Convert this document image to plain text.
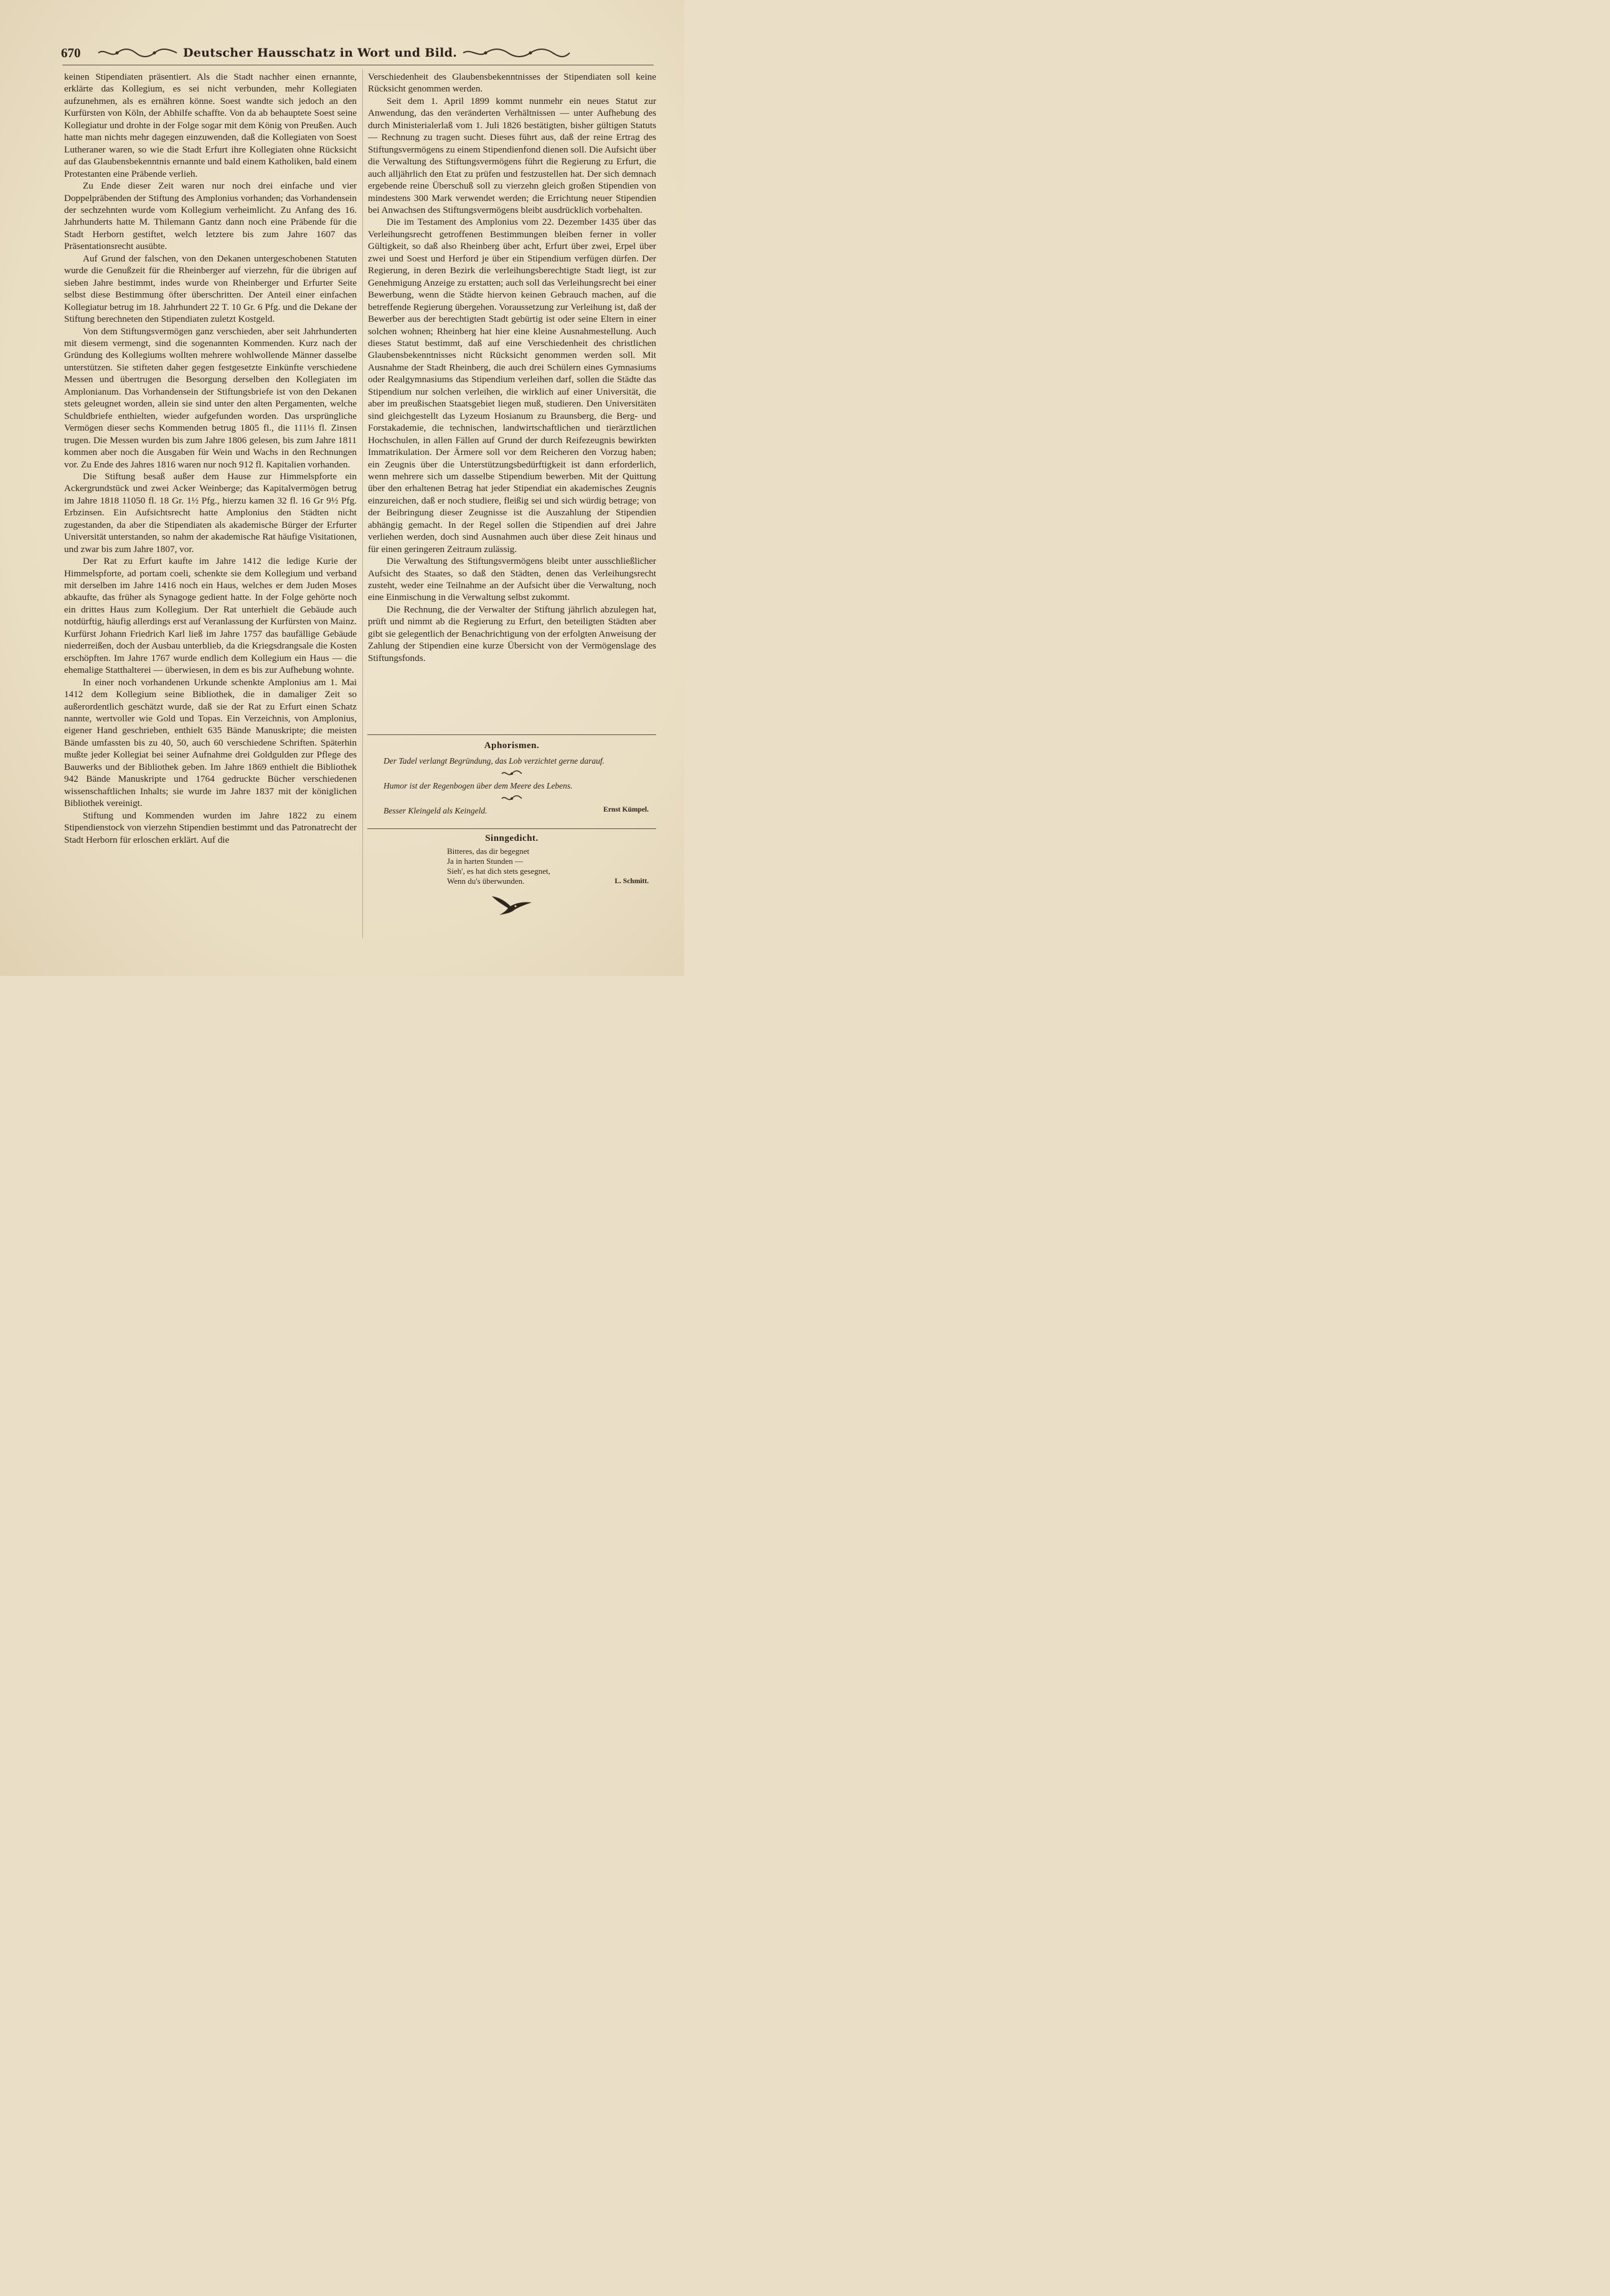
670	Deutscher Hausschatz in Wort und Bild.

keinen Stipendiaten präsentiert. Als die Stadt nachher einen ernannte, erklärte das Kollegium, es sei nicht verbunden, mehr Kollegiaten aufzunehmen, als es ernähren könne. Soest wandte sich jedoch an den Kurfürsten von Köln, der Abhilfe schaffte. Von da ab behauptete Soest seine Kollegiatur und drohte in der Folge sogar mit dem König von Preußen. Auch hatte man nichts mehr dagegen einzuwenden, daß die Kollegiaten von Soest Lutheraner waren, so wie die Stadt Erfurt ihre Kollegiaten ohne Rücksicht auf das Glaubensbekenntnis ernannte und bald einem Katholiken, bald einem Protestanten eine Präbende verlieh.

Zu Ende dieser Zeit waren nur noch drei einfache und vier Doppelpräbenden der Stiftung des Amplonius vorhanden; das Vorhandensein der sechzehnten wurde vom Kollegium verheimlicht. Zu Anfang des 16. Jahrhunderts hatte M. Thilemann Gantz dann noch eine Präbende für die Stadt Herborn gestiftet, welch letztere bis zum Jahre 1607 das Präsentationsrecht ausübte.

Auf Grund der falschen, von den Dekanen untergeschobenen Statuten wurde die Genußzeit für die Rheinberger auf vierzehn, für die übrigen auf sieben Jahre bestimmt, indes wurde von Rheinberger und Erfurter Seite selbst diese Bestimmung öfter überschritten. Der Anteil einer einfachen Kollegiatur betrug im 18. Jahrhundert 22 T. 10 Gr. 6 Pfg. und die Dekane der Stiftung berechneten den Stipendiaten zuletzt Kostgeld.

Von dem Stiftungsvermögen ganz verschieden, aber seit Jahrhunderten mit diesem vermengt, sind die sogenannten Kommenden. Kurz nach der Gründung des Kollegiums wollten mehrere wohlwollende Männer dasselbe unterstützen. Sie stifteten daher gegen festgesetzte Einkünfte verschiedene Messen und übertrugen die Besorgung derselben den Kollegiaten im Amplonianum. Das Vorhandensein der Stiftungsbriefe ist von den Dekanen stets geleugnet worden, allein sie sind unter den alten Pergamenten, welche Schuldbriefe enthielten, wieder aufgefunden worden. Das ursprüngliche Vermögen dieser sechs Kommenden betrug 1805 fl., die 111⅓ fl. Zinsen trugen. Die Messen wurden bis zum Jahre 1806 gelesen, bis zum Jahre 1811 kommen aber noch die Ausgaben für Wein und Wachs in den Rechnungen vor. Zu Ende des Jahres 1816 waren nur noch 912 fl. Kapitalien vorhanden.

Die Stiftung besaß außer dem Hause zur Himmelspforte ein Ackergrundstück und zwei Acker Weinberge; das Kapitalvermögen betrug im Jahre 1818 11050 fl. 18 Gr. 1½ Pfg., hierzu kamen 32 fl. 16 Gr 9½ Pfg. Erbzinsen. Ein Aufsichtsrecht hatte Amplonius den Städten nicht zugestanden, da aber die Stipendiaten als akademische Bürger der Erfurter Universität unterstanden, so nahm der akademische Rat häufige Visitationen, und zwar bis zum Jahre 1807, vor.

Der Rat zu Erfurt kaufte im Jahre 1412 die ledige Kurie der Himmelspforte, ad portam coeli, schenkte sie dem Kollegium und verband mit derselben im Jahre 1416 noch ein Haus, welches er dem Juden Moses abkaufte, das früher als Synagoge gedient hatte. In der Folge gehörte noch ein drittes Haus zum Kollegium. Der Rat unterhielt die Gebäude auch notdürftig, häufig allerdings erst auf Veranlassung der Kurfürsten von Mainz. Kurfürst Johann Friedrich Karl ließ im Jahre 1757 das baufällige Gebäude niederreißen, doch der Ausbau unterblieb, da die Kriegsdrangsale die Kosten erschöpften. Im Jahre 1767 wurde endlich dem Kollegium ein Haus — die ehemalige Statthalterei — überwiesen, in dem es bis zur Aufhebung wohnte.

In einer noch vorhandenen Urkunde schenkte Amplonius am 1. Mai 1412 dem Kollegium seine Bibliothek, die in damaliger Zeit so außerordentlich geschätzt wurde, daß sie der Rat zu Erfurt einen Schatz nannte, wertvoller wie Gold und Topas. Ein Verzeichnis, von Amplonius, eigener Hand geschrieben, enthielt 635 Bände Manuskripte; die meisten Bände umfassten bis zu 40, 50, auch 60 verschiedene Schriften. Späterhin mußte jeder Kollegiat bei seiner Aufnahme drei Goldgulden zur Pflege des Bauwerks und der Bibliothek geben. Im Jahre 1869 enthielt die Bibliothek 942 Bände Manuskripte und 1764 gedruckte Bücher verschiedenen wissenschaftlichen Inhalts; sie wurde im Jahre 1837 mit der königlichen Bibliothek vereinigt.

Stiftung und Kommenden wurden im Jahre 1822 zu einem Stipendienstock von vierzehn Stipendien bestimmt und das Patronatrecht der Stadt Herborn für erloschen erklärt. Auf die

Verschiedenheit des Glaubensbekenntnisses der Stipendiaten soll keine Rücksicht genommen werden.

Seit dem 1. April 1899 kommt nunmehr ein neues Statut zur Anwendung, das den veränderten Verhältnissen — unter Aufhebung des durch Ministerialerlaß vom 1. Juli 1826 bestätigten, bisher gültigen Statuts — Rechnung zu tragen sucht. Dieses führt aus, daß der reine Ertrag des Stiftungsvermögens zu einem Stipendienfond dienen soll. Die Aufsicht über die Verwaltung des Stiftungsvermögens führt die Regierung zu Erfurt, die auch alljährlich den Etat zu prüfen und festzustellen hat. Der sich demnach ergebende reine Überschuß soll zu vierzehn gleich großen Stipendien von mindestens 300 Mark verwendet werden; die Errichtung neuer Stipendien bei Anwachsen des Stiftungsvermögens bleibt ausdrücklich vorbehalten.

Die im Testament des Amplonius vom 22. Dezember 1435 über das Verleihungsrecht getroffenen Bestimmungen bleiben ferner in voller Gültigkeit, so daß also Rheinberg über acht, Erfurt über zwei, Erpel über zwei und Soest und Herford je über ein Stipendium verfügen dürfen. Der Regierung, in deren Bezirk die verleihungsberechtigte Stadt liegt, ist zur Genehmigung Anzeige zu erstatten; auch soll das Verleihungsrecht bei einer Bewerbung, wenn die Städte hiervon keinen Gebrauch machen, auf die betreffende Regierung übergehen. Voraussetzung zur Verleihung ist, daß der Bewerber aus der berechtigten Stadt gebürtig ist oder seine Eltern in einer solchen wohnen; Rheinberg hat hier eine kleine Ausnahmestellung. Auch dieses Statut bestimmt, daß auf eine Verschiedenheit des christlichen Glaubensbekenntnisses nicht Rücksicht genommen werden soll. Mit Ausnahme der Stadt Rheinberg, die auch drei Schülern eines Gymnasiums oder Realgymnasiums das Stipendium verleihen darf, sollen die Städte das Stipendium nur solchen verleihen, die wirklich auf einer Universität, die aber im preußischen Staatsgebiet liegen muß, studieren. Den Universitäten sind gleichgestellt das Lyzeum Hosianum zu Braunsberg, die Berg- und Forstakademie, die technischen, landwirtschaftlichen und tierärztlichen Hochschulen, in allen Fällen auf Grund der durch Reifezeugnis bewirkten Immatrikulation. Der Ärmere soll vor dem Reicheren den Vorzug haben; ein Zeugnis über die Unterstützungsbedürftigkeit ist dann erforderlich, wenn mehrere sich um dasselbe Stipendium bewerben. Mit der Quittung über den erhaltenen Betrag hat jeder Stipendiat ein akademisches Zeugnis einzureichen, daß er noch studiere, fleißig sei und sich würdig betrage; von der Beibringung dieser Zeugnisse ist die Auszahlung der Stipendien abhängig gemacht. In der Regel sollen die Stipendien auf drei Jahre verliehen werden, doch sind Ausnahmen auch über diese Zeit hinaus und für einen geringeren Zeitraum zulässig.

Die Verwaltung des Stiftungsvermögens bleibt unter ausschließlicher Aufsicht des Staates, so daß den Städten, denen das Verleihungsrecht zusteht, weder eine Teilnahme an der Aufsicht über die Verwaltung, noch eine Einmischung in die Verwaltung selbst zukommt.

Die Rechnung, die der Verwalter der Stiftung jährlich abzulegen hat, prüft und nimmt ab die Regierung zu Erfurt, den beteiligten Städten aber gibt sie gelegentlich der Benachrichtigung von der erfolgten Anweisung der Zahlung der Stipendien eine kurze Übersicht von der Vermögenslage des Stiftungsfonds.

Aphorismen.
Der Tadel verlangt Begründung, das Lob verzichtet gerne darauf.
Humor ist der Regenbogen über dem Meere des Lebens.
Besser Kleingeld als Keingeld.	Ernst Kümpel.
Sinngedicht.
Bitteres, das dir begegnet
Ja in harten Stunden —
Sieh', es hat dich stets gesegnet,
Wenn du's überwunden.	L. Schmitt.
